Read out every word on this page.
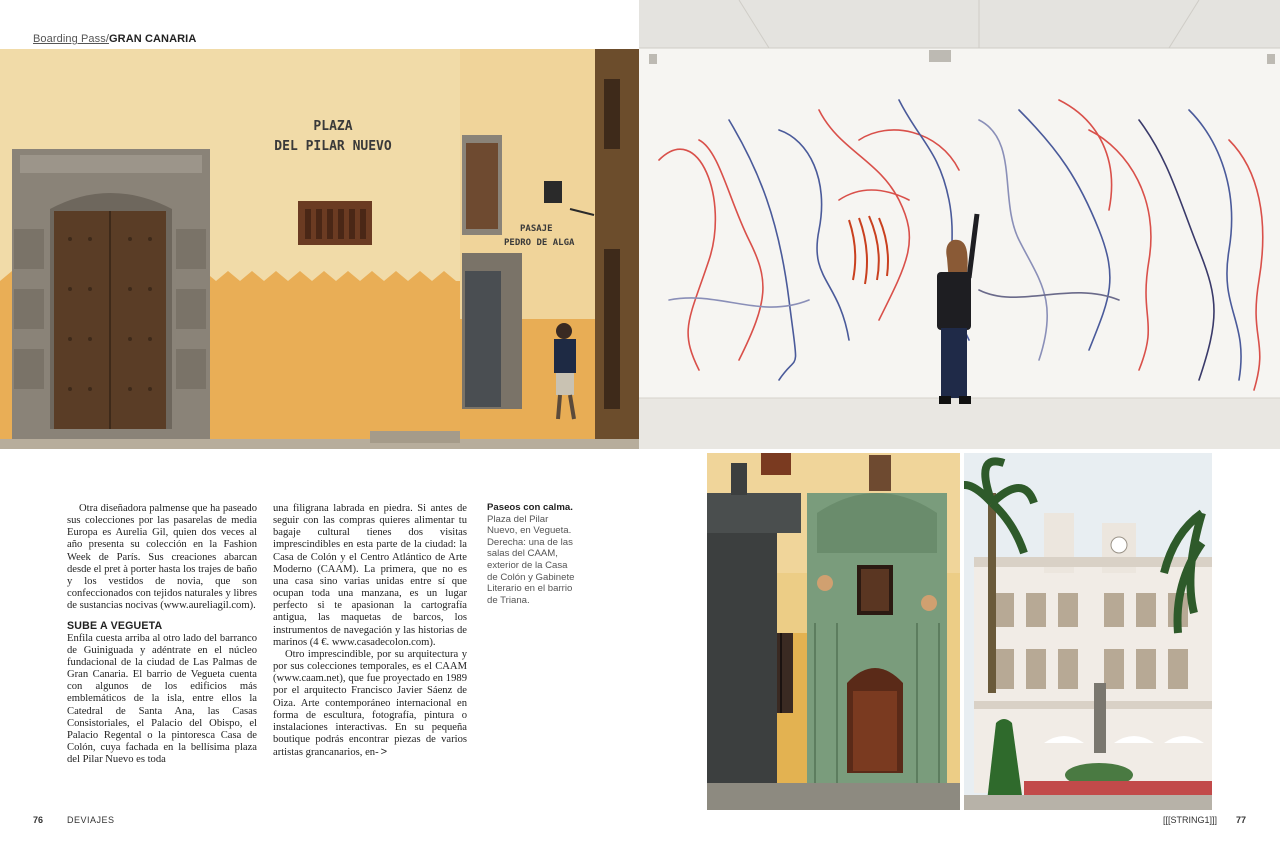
Boarding Pass/GRAN CANARIA
PLAZA
DEL PILAR NUEVO
PASAJE
PEDRO DE ALGA

Otra diseñadora palmense que ha paseado sus colecciones por las pasarelas de media Europa es Aurelia Gil, quien dos veces al año presenta su colección en la Fashion Week de París. Sus creaciones abarcan desde el pret à porter hasta los trajes de baño y los vestidos de novia, que son confeccionados con tejidos naturales y libres de sustancias nocivas (www.aureliagil.com).

SUBE A VEGUETA

Enfila cuesta arriba al otro lado del barranco de Guiniguada y adéntrate en el núcleo fundacional de la ciudad de Las Palmas de Gran Canaria. El barrio de Vegueta cuenta con algunos de los edificios más emblemáticos de la isla, entre ellos la Catedral de Santa Ana, las Casas Consistoriales, el Palacio del Obispo, el Palacio Regental o la pintoresca Casa de Colón, cuya fachada en la bellísima plaza del Pilar Nuevo es toda

una filigrana labrada en piedra. Si antes de seguir con las compras quieres alimentar tu bagaje cultural tienes dos visitas imprescindibles en esta parte de la ciudad: la Casa de Colón y el Centro Atlántico de Arte Moderno (CAAM). La primera, que no es una casa sino varias unidas entre sí que ocupan toda una manzana, es un lugar perfecto si te apasionan la cartografía antigua, las maquetas de barcos, los instrumentos de navegación y las historias de marinos (4 €. www.casadecolon.com).

Otro imprescindible, por su arquitectura y por sus colecciones temporales, es el CAAM (www.caam.net), que fue proyectado en 1989 por el arquitecto Francisco Javier Sáenz de Oiza. Arte contemporáneo internacional en forma de escultura, fotografía, pintura o instalaciones interactivas. En su pequeña boutique podrás encontrar piezas de varios artistas grancanarios, en- >

Paseos con calma.
Plaza del Pilar Nuevo, en Vegueta. Derecha: una de las salas del CAAM, exterior de la Casa de Colón y Gabinete Literario en el barrio de Triana.
76	DEVIAJES	[[[STRING1]]] 77
